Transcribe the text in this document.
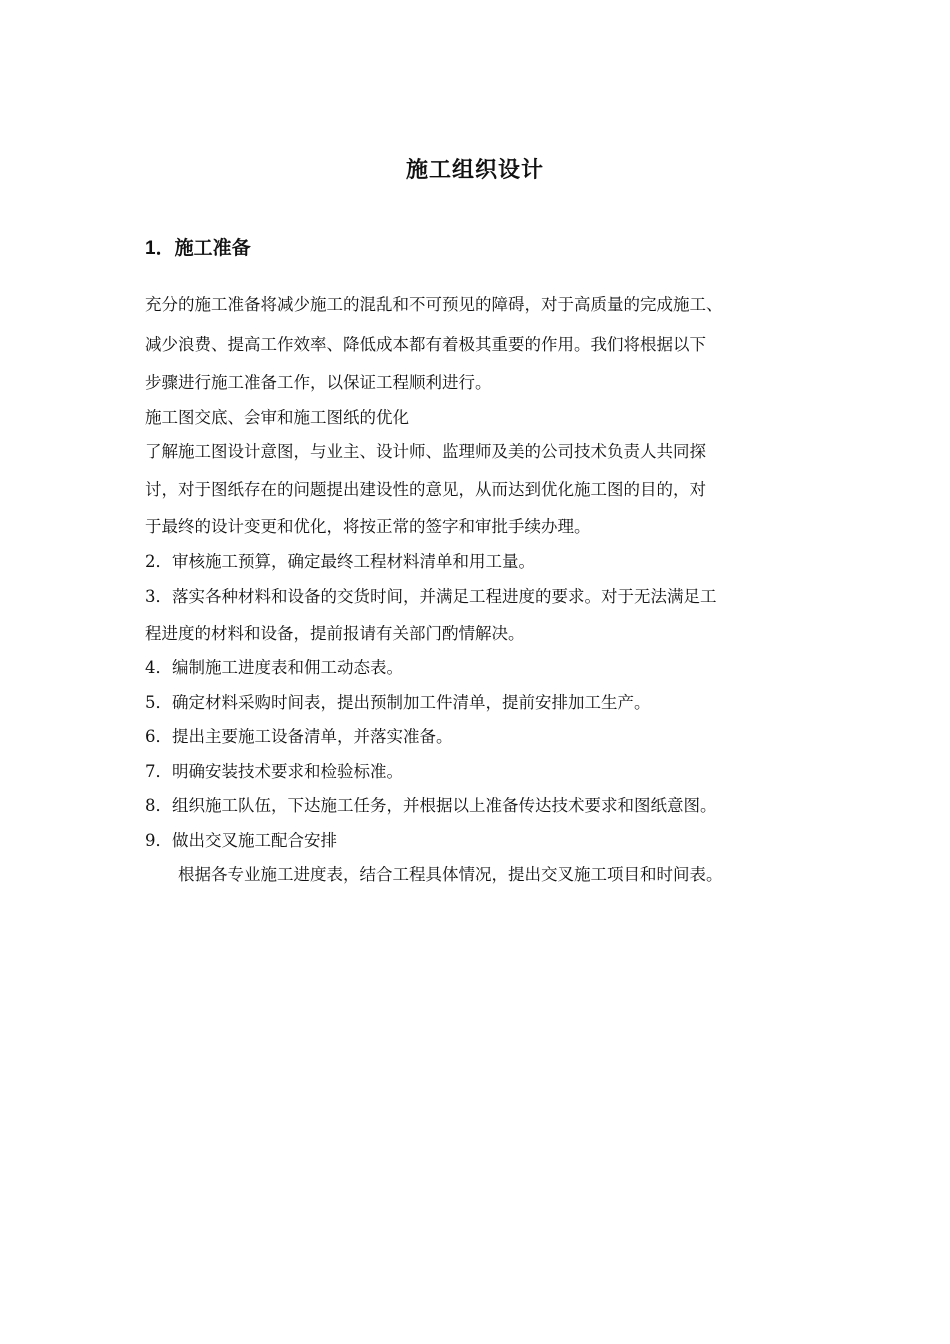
施工组织设计
1．施工准备

充分的施工准备将减少施工的混乱和不可预见的障碍，对于高质量的完成施工、

减少浪费、提高工作效率、降低成本都有着极其重要的作用。我们将根据以下

步骤进行施工准备工作，以保证工程顺利进行。

施工图交底、会审和施工图纸的优化

了解施工图设计意图，与业主、设计师、监理师及美的公司技术负责人共同探

讨，对于图纸存在的问题提出建设性的意见，从而达到优化施工图的目的，对

于最终的设计变更和优化，将按正常的签字和审批手续办理。

2．审核施工预算，确定最终工程材料清单和用工量。

3．落实各种材料和设备的交货时间，并满足工程进度的要求。对于无法满足工

程进度的材料和设备，提前报请有关部门酌情解决。

4．编制施工进度表和佣工动态表。

5．确定材料采购时间表，提出预制加工件清单，提前安排加工生产。

6．提出主要施工设备清单，并落实准备。

7．明确安装技术要求和检验标准。

8．组织施工队伍，下达施工任务，并根据以上准备传达技术要求和图纸意图。

9．做出交叉施工配合安排

根据各专业施工进度表，结合工程具体情况，提出交叉施工项目和时间表。
